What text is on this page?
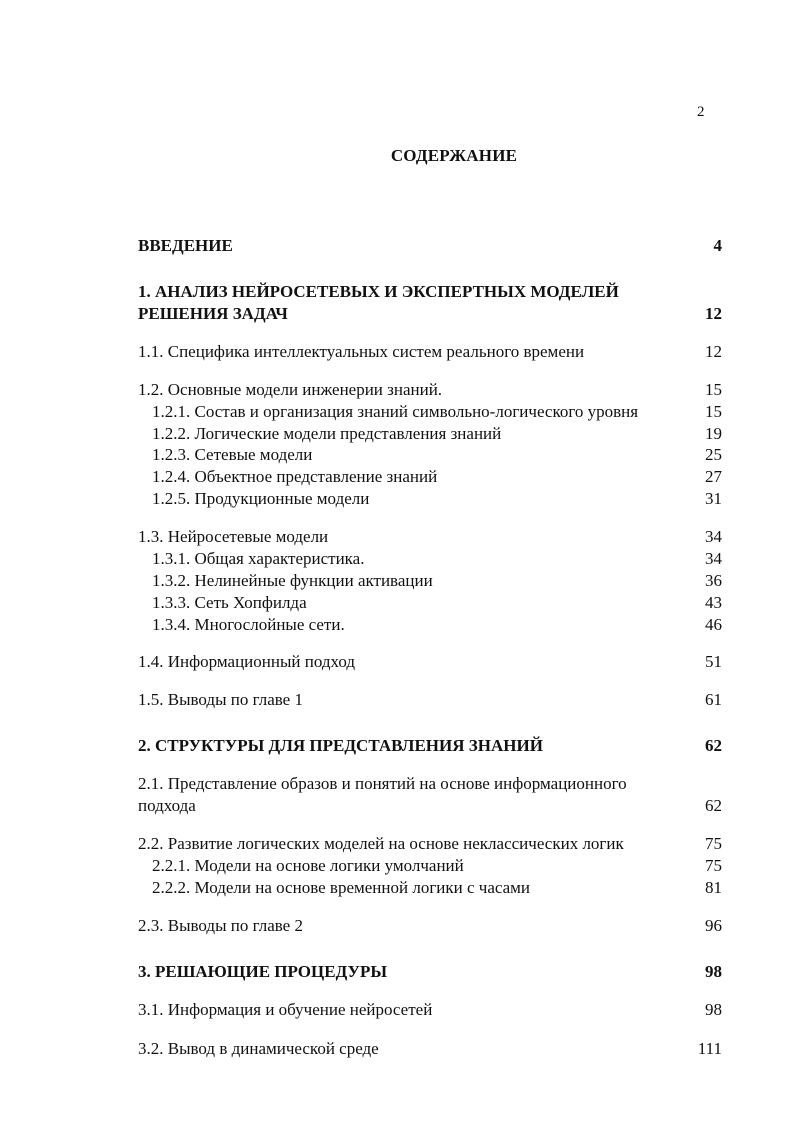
2
СОДЕРЖАНИЕ
ВВЕДЕНИЕ	4
1. АНАЛИЗ НЕЙРОСЕТЕВЫХ И ЭКСПЕРТНЫХ МОДЕЛЕЙ
РЕШЕНИЯ ЗАДАЧ	12
1.1. Специфика интеллектуальных систем реального времени	12
1.2. Основные модели инженерии знаний.	15
1.2.1. Состав и организация знаний символьно-логического уровня	15
1.2.2. Логические модели представления знаний	19
1.2.3. Сетевые модели	25
1.2.4. Объектное представление знаний	27
1.2.5. Продукционные модели	31
1.3. Нейросетевые модели	34
1.3.1. Общая характеристика.	34
1.3.2. Нелинейные функции активации	36
1.3.3. Сеть Хопфилда	43
1.3.4. Многослойные сети.	46
1.4. Информационный подход	51
1.5. Выводы по главе 1	61
2. СТРУКТУРЫ ДЛЯ ПРЕДСТАВЛЕНИЯ ЗНАНИЙ	62
2.1. Представление образов и понятий на основе информационного
подхода	62
2.2. Развитие логических моделей на основе неклассических логик	75
2.2.1. Модели на основе логики умолчаний	75
2.2.2. Модели на основе временной логики с часами	81
2.3. Выводы по главе 2	96
3. РЕШАЮЩИЕ ПРОЦЕДУРЫ	98
3.1. Информация и обучение нейросетей	98
3.2. Вывод в динамической среде	111
